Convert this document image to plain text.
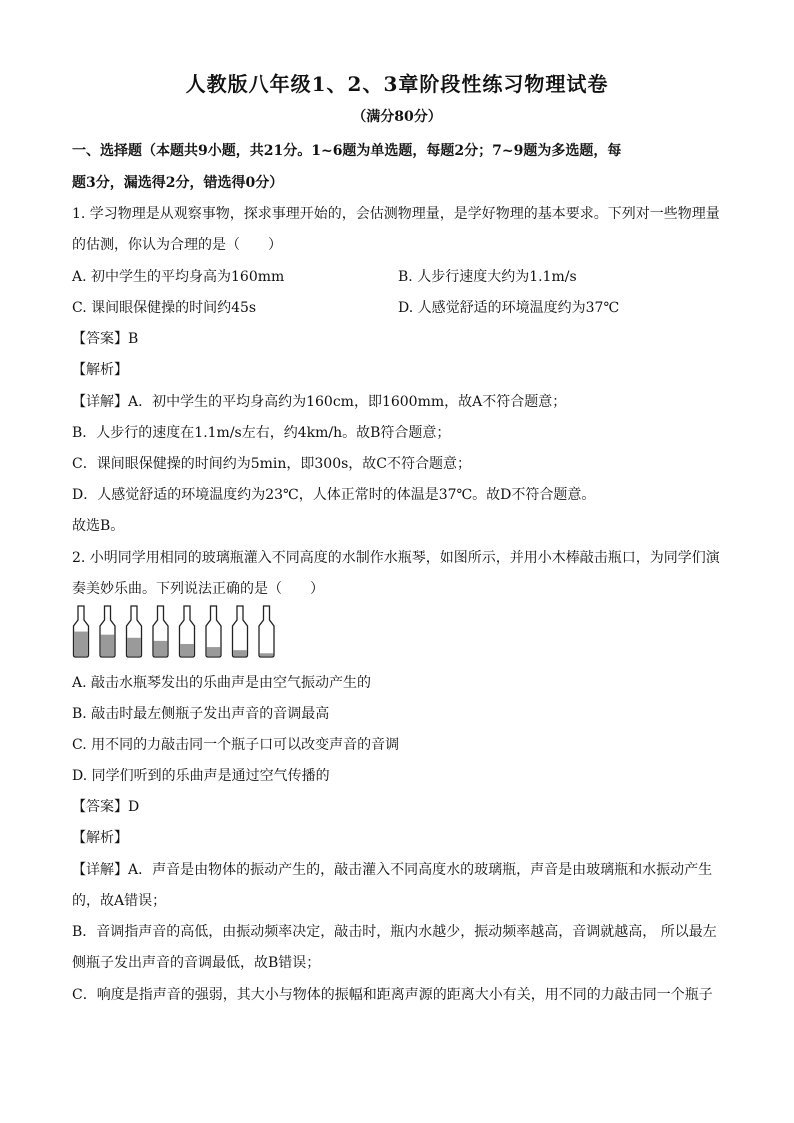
人教版八年级1、2、3章阶段性练习物理试卷
（满分80分）
一、选择题（本题共9小题，共21分。1~6题为单选题，每题2分；7~9题为多选题，每
题3分，漏选得2分，错选得0分）
1. 学习物理是从观察事物，探求事理开始的，会估测物理量，是学好物理的基本要求。下列对一些物理量
的估测，你认为合理的是（　　）
A. 初中学生的平均身高为160mm	B. 人步行速度大约为1.1m/s
C. 课间眼保健操的时间约45s	D. 人感觉舒适的环境温度约为37℃
【答案】B
【解析】
【详解】A．初中学生的平均身高约为160cm，即1600mm，故A不符合题意；
B．人步行的速度在1.1m/s左右，约4km/h。故B符合题意；
C．课间眼保健操的时间约为5min，即300s，故C不符合题意；
D．人感觉舒适的环境温度约为23℃，人体正常时的体温是37℃。故D不符合题意。
故选B。
2. 小明同学用相同的玻璃瓶灌入不同高度的水制作水瓶琴，如图所示，并用小木棒敲击瓶口，为同学们演
奏美妙乐曲。下列说法正确的是（　　）
A. 敲击水瓶琴发出的乐曲声是由空气振动产生的
B. 敲击时最左侧瓶子发出声音的音调最高
C. 用不同的力敲击同一个瓶子口可以改变声音的音调
D. 同学们听到的乐曲声是通过空气传播的
【答案】D
【解析】
【详解】A．声音是由物体的振动产生的，敲击灌入不同高度水的玻璃瓶，声音是由玻璃瓶和水振动产生
的，故A错误；
B．音调指声音的高低，由振动频率决定，敲击时，瓶内水越少，振动频率越高，音调就越高， 所以最左
侧瓶子发出声音的音调最低，故B错误；
C．响度是指声音的强弱，其大小与物体的振幅和距离声源的距离大小有关，用不同的力敲击同一个瓶子
